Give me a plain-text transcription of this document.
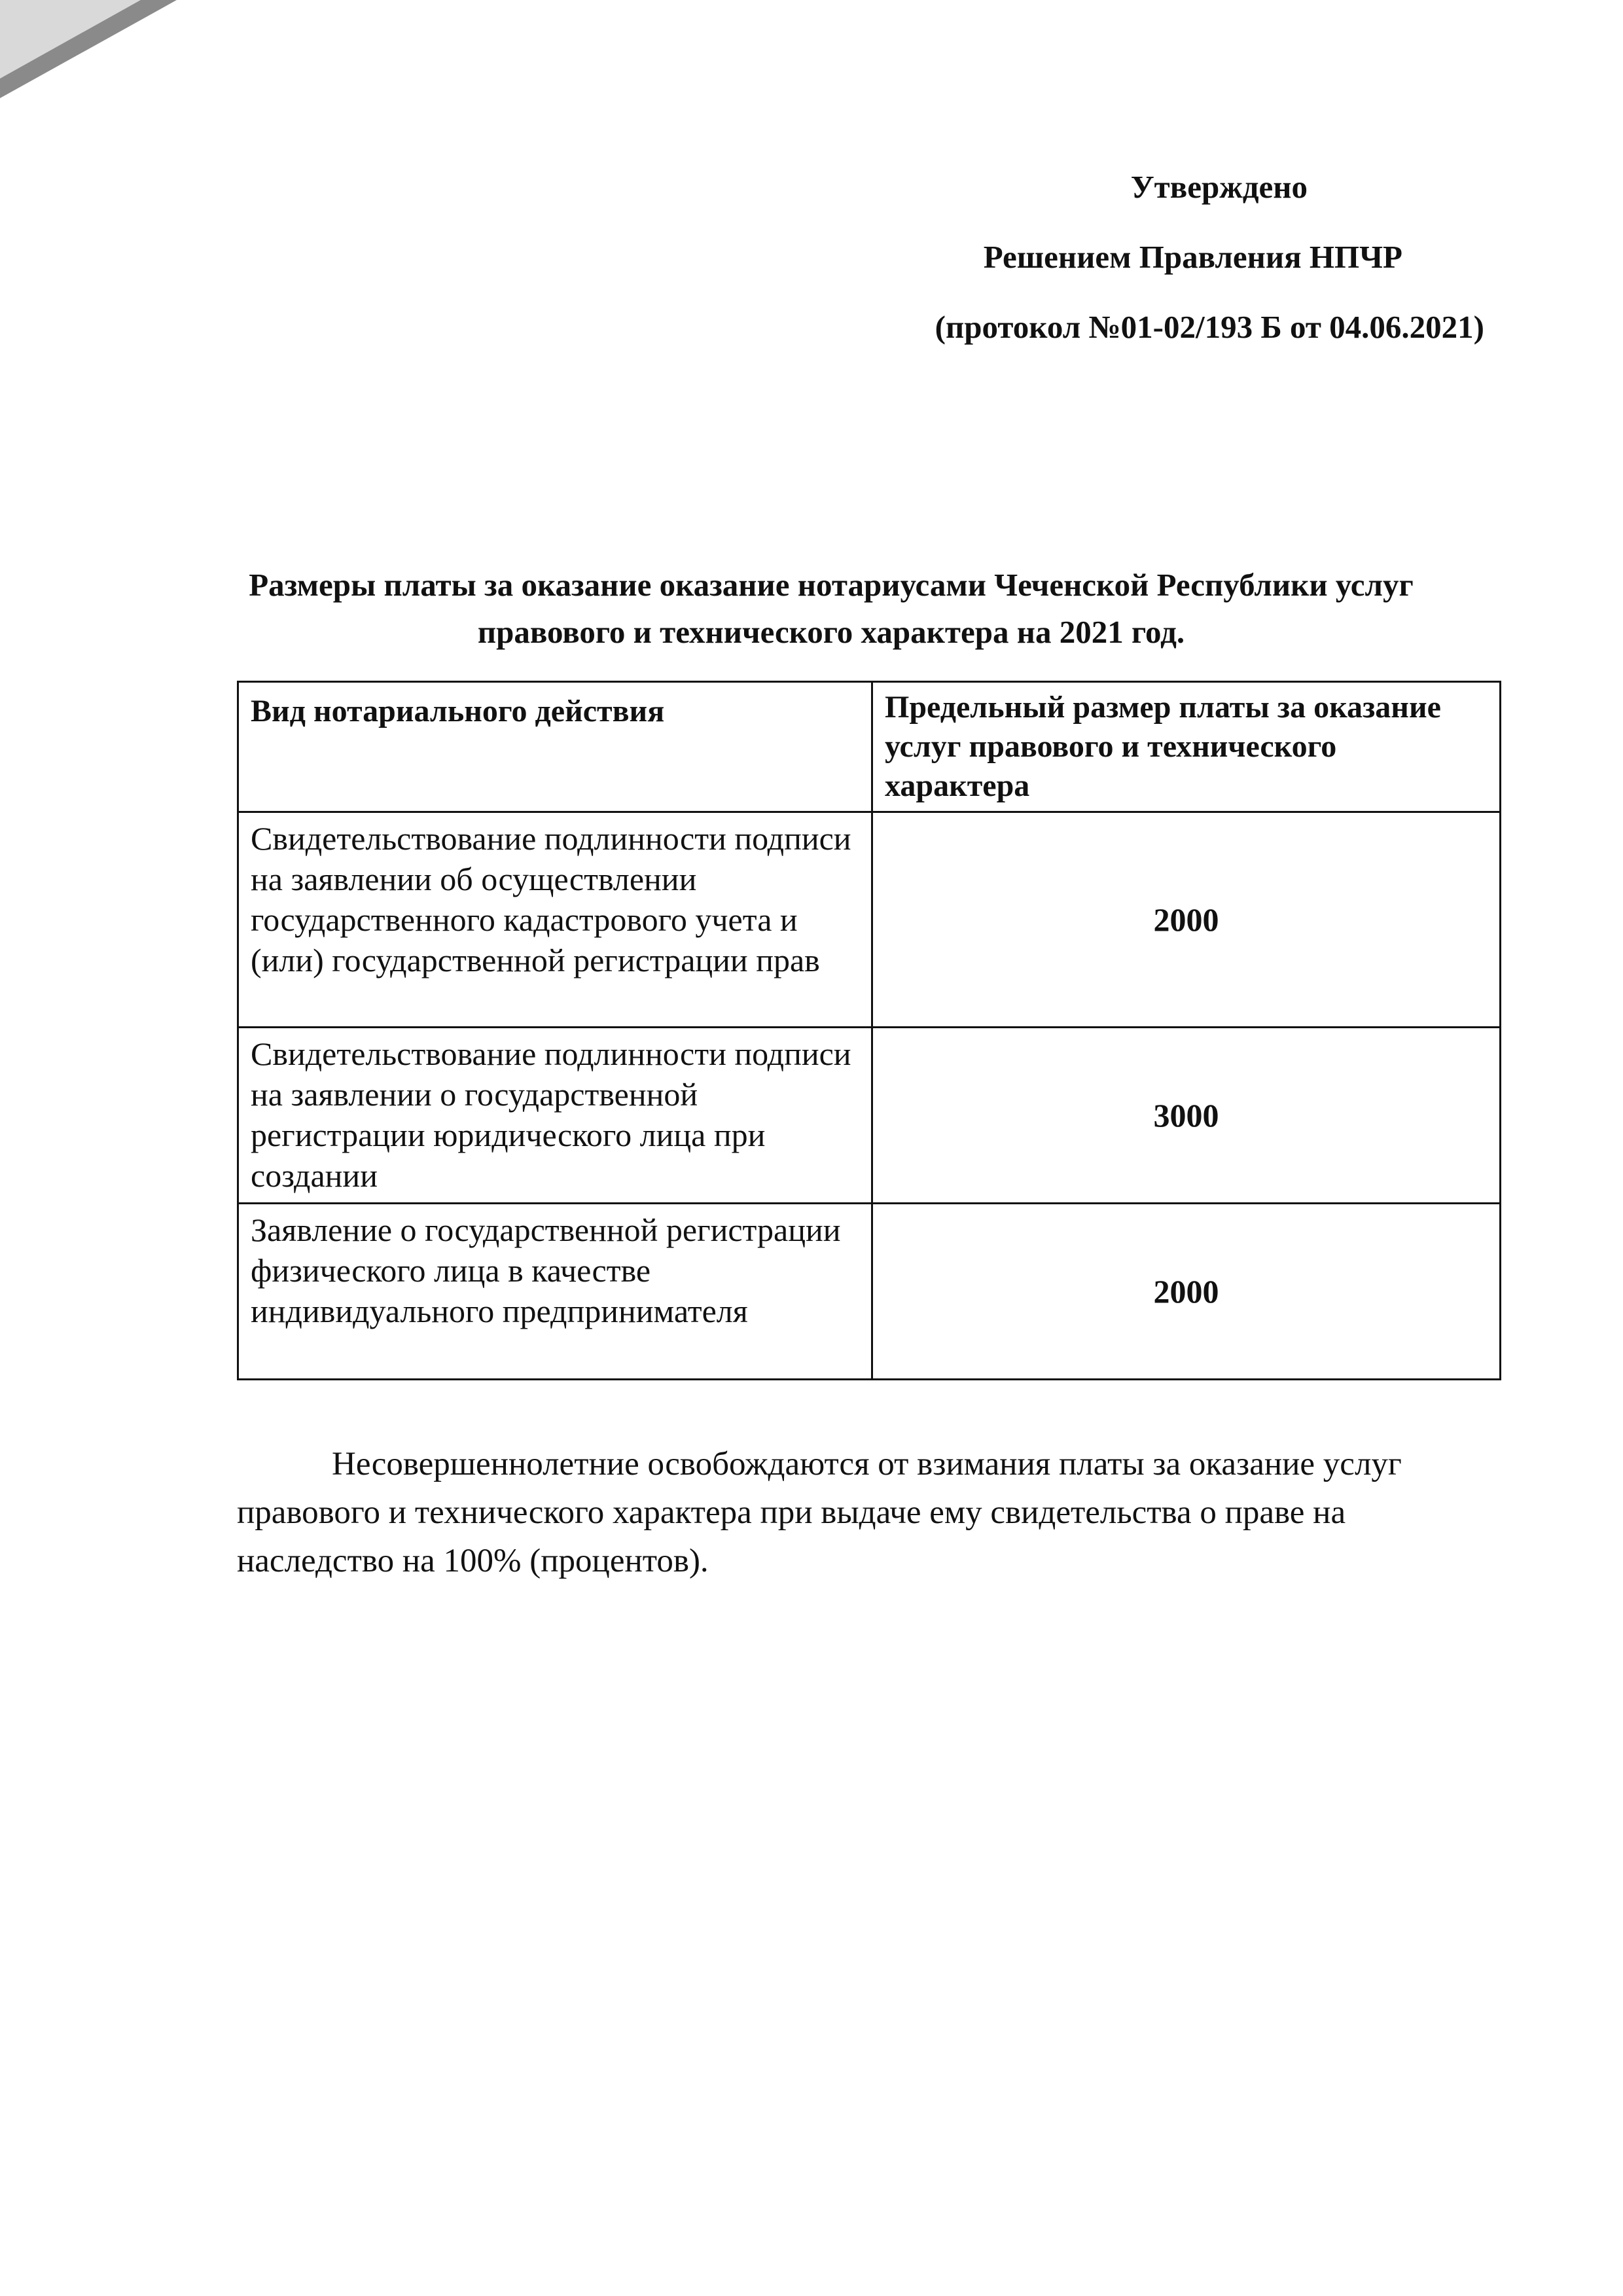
Утверждено
Решением Правления НПЧР
(протокол №01-02/193 Б от 04.06.2021)
Размеры платы за оказание оказание нотариусами Чеченской Республики услуг правового и технического характера на 2021 год.
Вид нотариального действия	Предельный размер платы за оказание услуг правового и технического характера
Свидетельствование подлинности подписи на заявлении об осуществлении государственного кадастрового учета и (или) государственной регистрации прав	2000
Свидетельствование подлинности подписи на заявлении о государственной регистрации юридического лица при создании	3000
Заявление о государственной регистрации физического лица в качестве индивидуального предпринимателя	2000

Несовершеннолетние освобождаются от взимания платы за оказание услуг правового и технического характера при выдаче ему свидетельства о праве на наследство на 100% (процентов).
